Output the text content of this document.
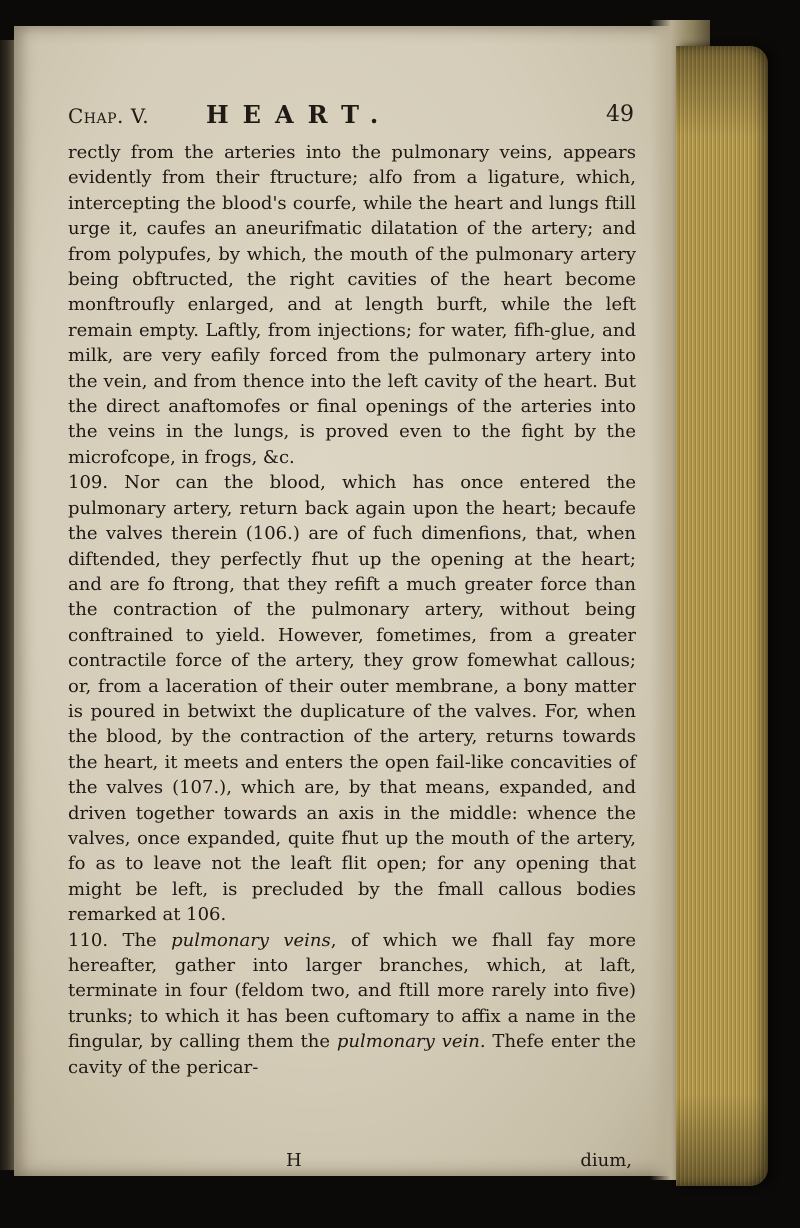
Chap. V. HEART.	49

rectly from the arteries into the pulmonary veins, appears evidently from their ftructure; alfo from a ligature, which, intercepting the blood's courfe, while the heart and lungs ftill urge it, caufes an aneurifmatic dilatation of the artery; and from polypufes, by which, the mouth of the pulmonary artery being obftructed, the right cavities of the heart become monftroufly enlarged, and at length burft, while the left remain empty. Laftly, from injections; for water, fifh-glue, and milk, are very eafily forced from the pulmonary artery into the vein, and from thence into the left cavity of the heart. But the direct anaftomofes or final openings of the arteries into the veins in the lungs, is proved even to the fight by the microfcope, in frogs, &c.

109. Nor can the blood, which has once entered the pulmonary artery, return back again upon the heart; becaufe the valves therein (106.) are of fuch dimenfions, that, when diftended, they perfectly fhut up the opening at the heart; and are fo ftrong, that they refift a much greater force than the contraction of the pulmonary artery, without being conftrained to yield. However, fometimes, from a greater contractile force of the artery, they grow fomewhat callous; or, from a laceration of their outer membrane, a bony matter is poured in betwixt the duplicature of the valves. For, when the blood, by the contraction of the artery, returns towards the heart, it meets and enters the open fail-like concavities of the valves (107.), which are, by that means, expanded, and driven together towards an axis in the middle: whence the valves, once expanded, quite fhut up the mouth of the artery, fo as to leave not the leaft flit open; for any opening that might be left, is precluded by the fmall callous bodies remarked at 106.

110. The pulmonary veins, of which we fhall fay more hereafter, gather into larger branches, which, at laft, terminate in four (feldom two, and ftill more rarely into five) trunks; to which it has been cuftomary to affix a name in the fingular, by calling them the pulmonary vein. Thefe enter the cavity of the pericar-

H	dium,
